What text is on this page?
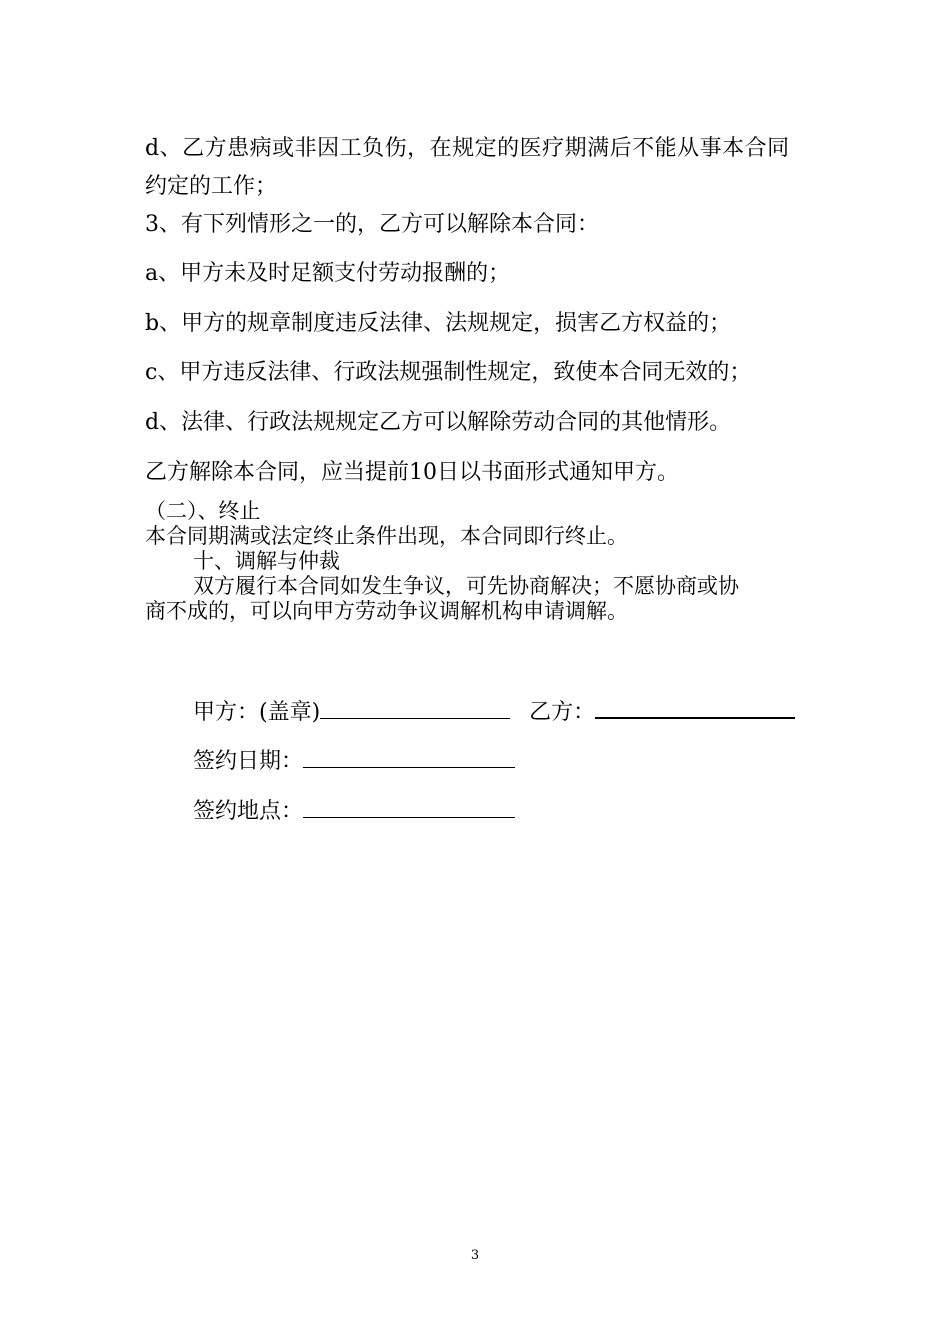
d、乙方患病或非因工负伤，在规定的医疗期满后不能从事本合同
约定的工作；
3、有下列情形之一的，乙方可以解除本合同：
a、甲方未及时足额支付劳动报酬的；
b、甲方的规章制度违反法律、法规规定，损害乙方权益的；
c、甲方违反法律、行政法规强制性规定，致使本合同无效的；
d、法律、行政法规规定乙方可以解除劳动合同的其他情形。
乙方解除本合同，应当提前10日以书面形式通知甲方。
（二）、终止
本合同期满或法定终止条件出现，本合同即行终止。
十、调解与仲裁
双方履行本合同如发生争议，可先协商解决；不愿协商或协
商不成的，可以向甲方劳动争议调解机构申请调解。
甲方：(盖章)	乙方：
签约日期：
签约地点：
3
